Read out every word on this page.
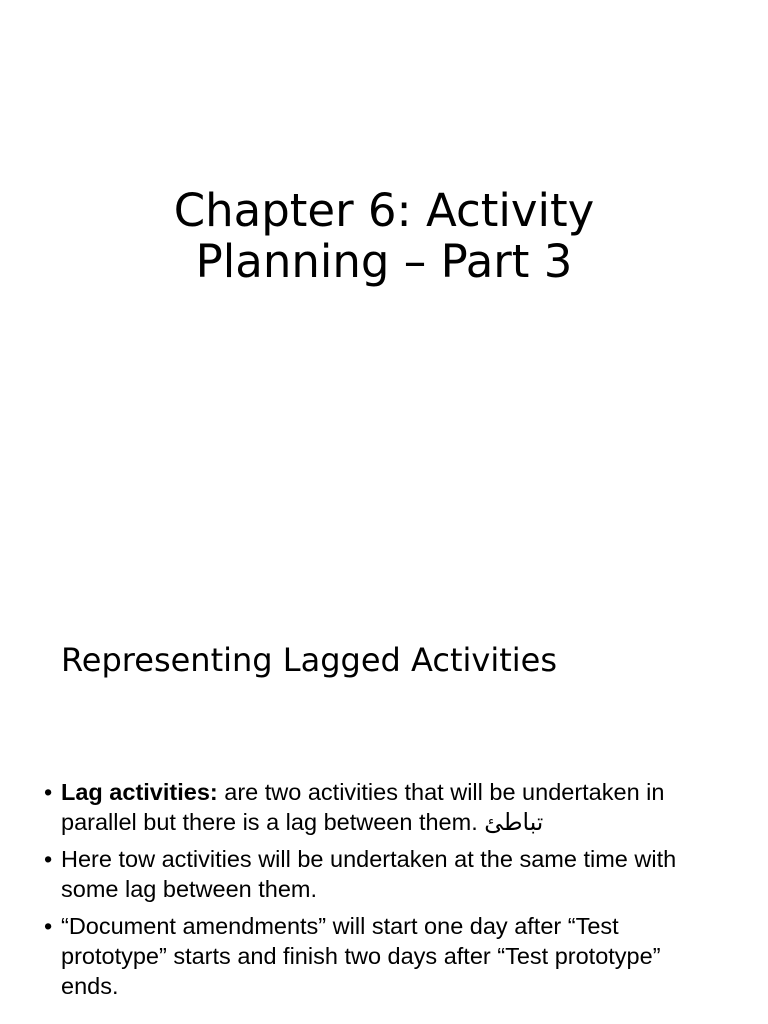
Chapter 6: Activity
Planning – Part 3
Representing Lagged Activities
• Lag activities: are two activities that will be undertaken in parallel but there is a lag between them. تباطئ
• Here tow activities will be undertaken at the same time with some lag between them.
• “Document amendments” will start one day after “Test prototype” starts and finish two days after “Test prototype” ends.
